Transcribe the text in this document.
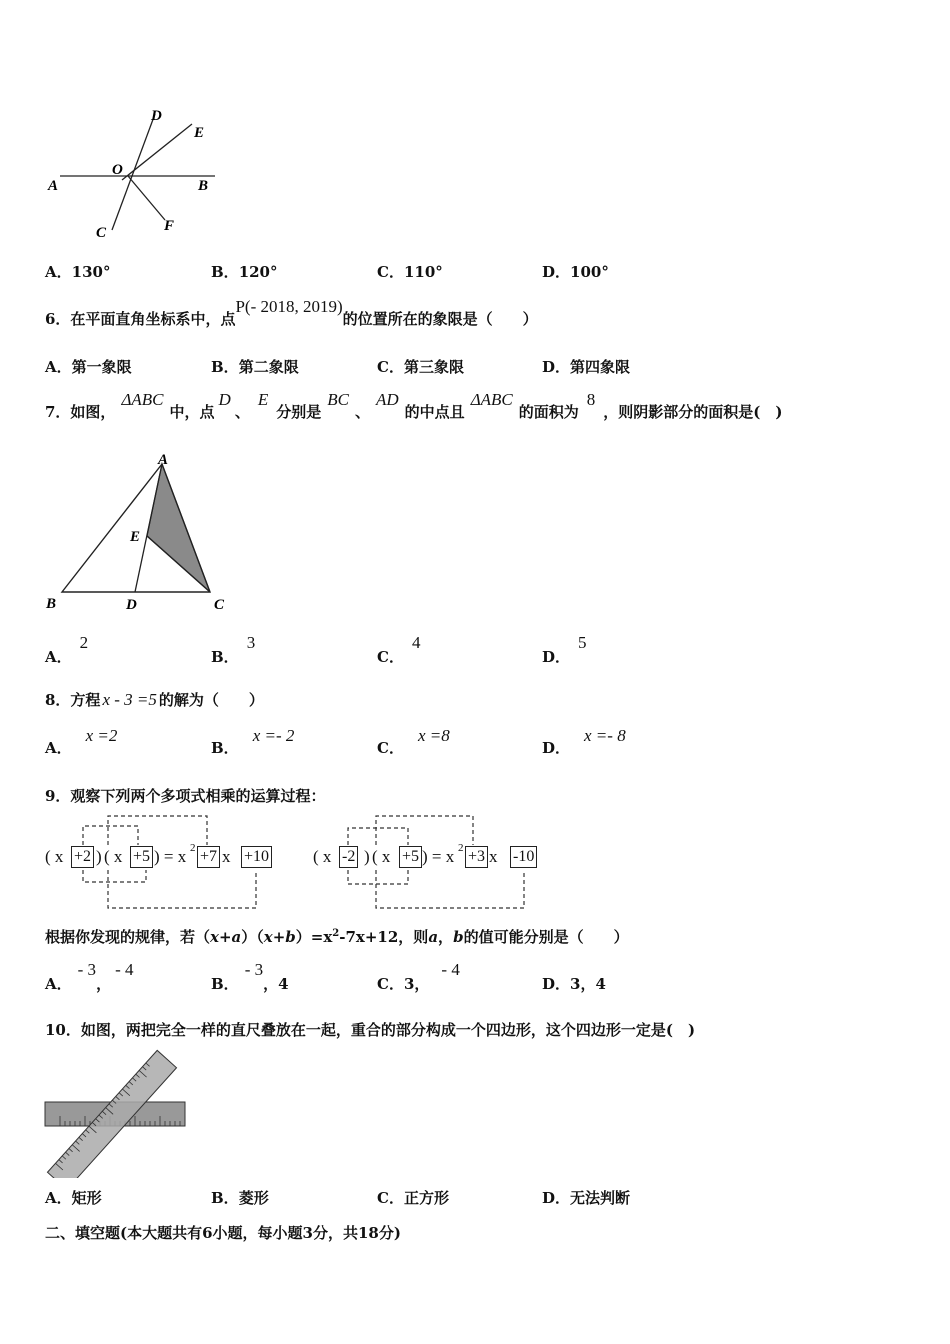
D
E
O
A	B
C	F
A．130°	B．120°	C．110°	D．100°
6．在平面直角坐标系中，点P(- 2018, 2019)的位置所在的象限是（　　）
A．第一象限	B．第二象限	C．第三象限	D．第四象限
7．如图，ΔABC中，点D、E分别是BC、AD的中点且ΔABC的面积为8，则阴影部分的面积是(　)
A
E
B	D	C
A．2
B．3
C．4
D．5
8．方程 x - 3 =5 的解为（　　）
A．x =2
B．x =- 2
C．x =8
D．x =- 8
9．观察下列两个多项式相乘的运算过程：
( x +2 ) ( x +5 ) = x 2 +7 x +10	( x -2 ) ( x +5 ) = x 2 +3 x -10
根据你发现的规律，若$(x+a)(x+b)=x^2-7x+12$，则a，b的值可能分别是（　　）
A．- 3，- 4
B．- 3，4	C．3，- 4
D．3，4
10．如图，两把完全一样的直尺叠放在一起，重合的部分构成一个四边形，这个四边形一定是(　)
A．矩形	B．菱形	C．正方形	D．无法判断
二、填空题(本大题共有6小题，每小题3分，共18分)
